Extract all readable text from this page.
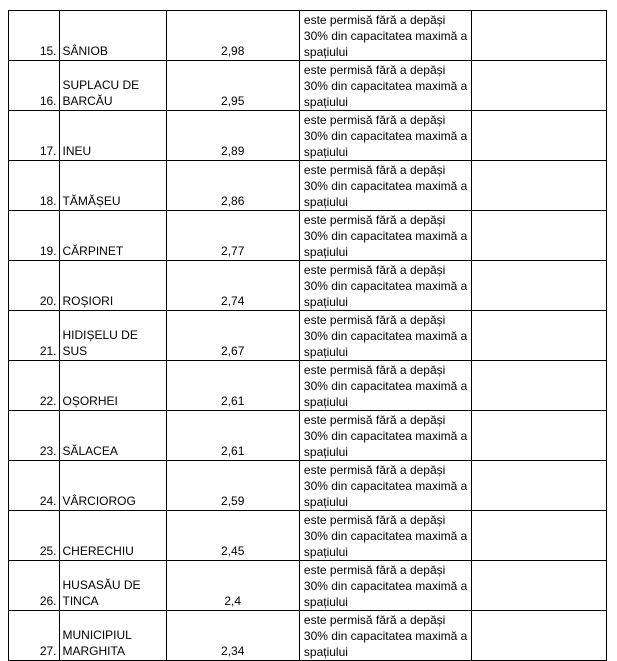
15.	SÂNIOB	2,98	este permisă fără a depăși 30% din capacitatea maximă a spațiului	

16.	SUPLACU DE BARCĂU	2,95	este permisă fără a depăși 30% din capacitatea maximă a spațiului	

17.	INEU	2,89	este permisă fără a depăși 30% din capacitatea maximă a spațiului	

18.	TĂMĂȘEU	2,86	este permisă fără a depăși 30% din capacitatea maximă a spațiului	

19.	CĂRPINET	2,77	este permisă fără a depăși 30% din capacitatea maximă a spațiului	

20.	ROȘIORI	2,74	este permisă fără a depăși 30% din capacitatea maximă a spațiului	

21.	HIDIȘELU DE SUS	2,67	este permisă fără a depăși 30% din capacitatea maximă a spațiului	

22.	OȘORHEI	2,61	este permisă fără a depăși 30% din capacitatea maximă a spațiului	

23.	SĂLACEA	2,61	este permisă fără a depăși 30% din capacitatea maximă a spațiului	

24.	VÂRCIOROG	2,59	este permisă fără a depăși 30% din capacitatea maximă a spațiului	

25.	CHERECHIU	2,45	este permisă fără a depăși 30% din capacitatea maximă a spațiului	

26.	HUSASĂU DE TINCA	2,4	este permisă fără a depăși 30% din capacitatea maximă a spațiului	

27.	MUNICIPIUL MARGHITA	2,34	este permisă fără a depăși 30% din capacitatea maximă a spațiului	
